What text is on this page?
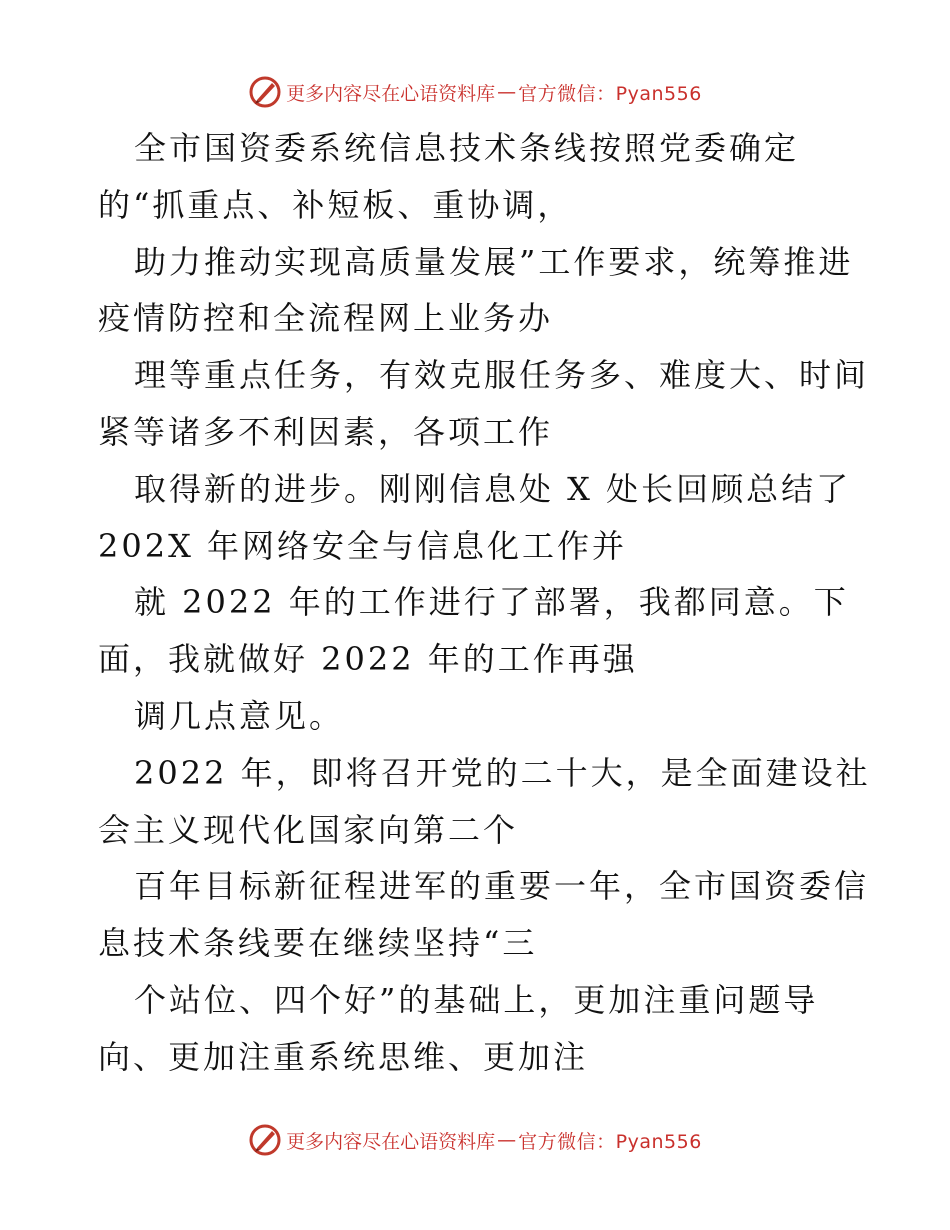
更多内容尽在心语资料库 — 官方微信：Pyan556
全市国资委系统信息技术条线按照党委确定
的“抓重点、补短板、重协调，
助力推动实现高质量发展”工作要求，统筹推进
疫情防控和全流程网上业务办
理等重点任务，有效克服任务多、难度大、时间
紧等诸多不利因素，各项工作
取得新的进步。刚刚信息处 X 处长回顾总结了
202X 年网络安全与信息化工作并
就 2022 年的工作进行了部署，我都同意。下
面，我就做好 2022 年的工作再强
调几点意见。
2022 年，即将召开党的二十大，是全面建设社
会主义现代化国家向第二个
百年目标新征程进军的重要一年，全市国资委信
息技术条线要在继续坚持“三
个站位、四个好”的基础上，更加注重问题导
向、更加注重系统思维、更加注
更多内容尽在心语资料库 — 官方微信：Pyan556
